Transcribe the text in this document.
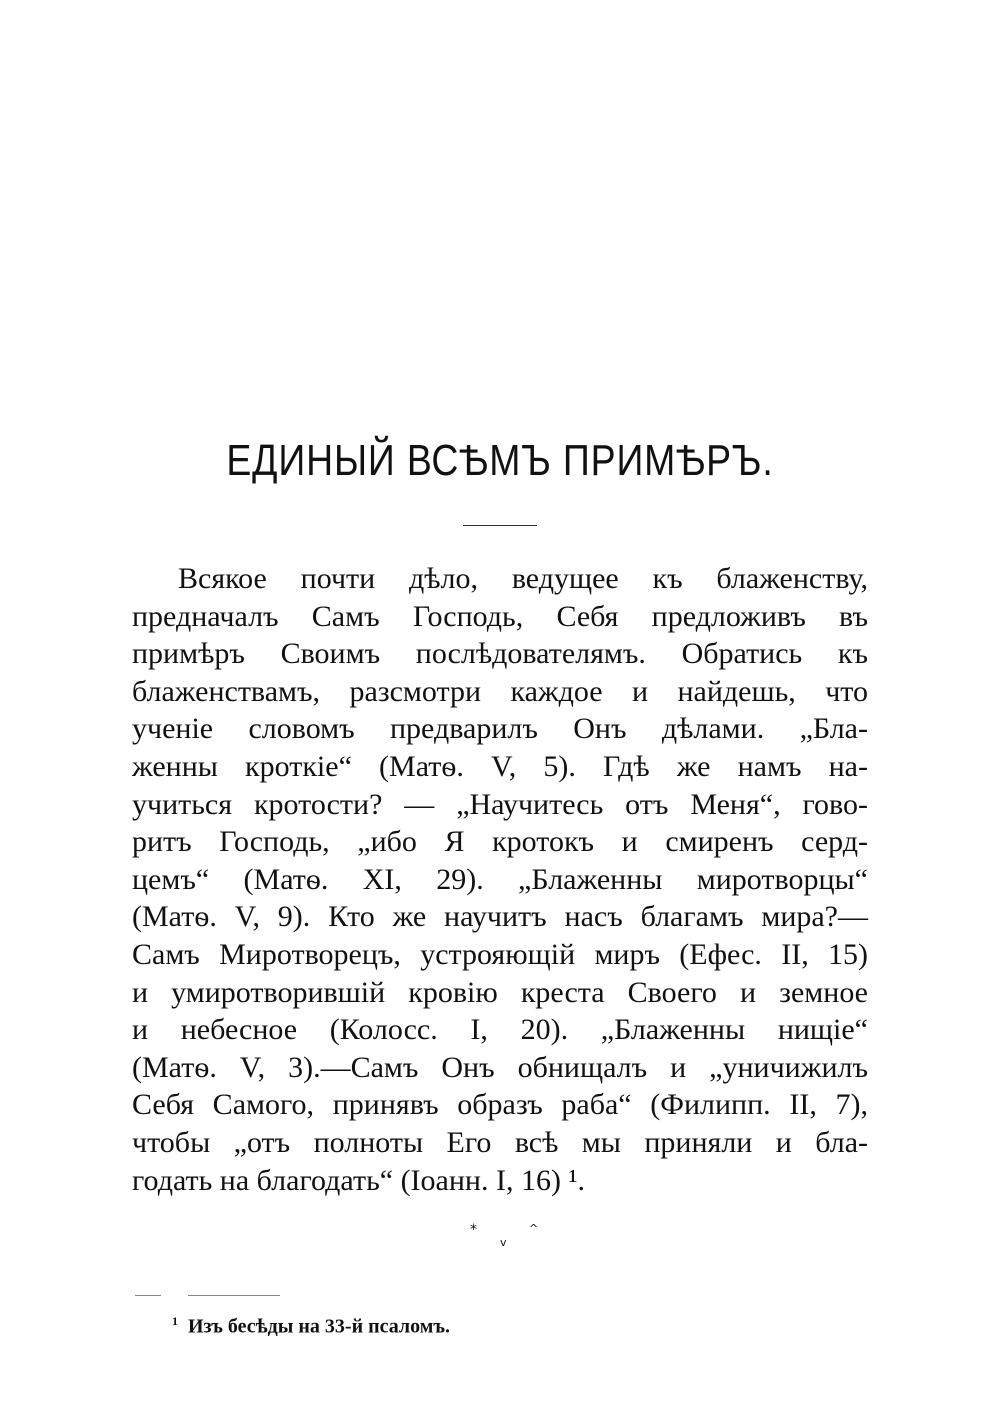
ЕДИНЫЙ ВСѢМЪ ПРИМѢРЪ.
Всякое почти дѣло, ведущее къ блаженству,
предначалъ Самъ Господь, Себя предложивъ въ
примѣръ Своимъ послѣдователямъ. Обратись къ
блаженствамъ, разсмотри каждое и найдешь, что
ученіе словомъ предварилъ Онъ дѣлами. „Бла-
женны кроткіе“ (Матѳ. V, 5). Гдѣ же намъ на-
учиться кротости? — „Научитесь отъ Меня“, гово-
ритъ Господь, „ибо Я кротокъ и смиренъ серд-
цемъ“ (Матѳ. XI, 29). „Блаженны миротворцы“
(Матѳ. V, 9). Кто же научитъ насъ благамъ мира?—
Самъ Миротворецъ, устрояющій миръ (Ефес. II, 15)
и умиротворившій кровію креста Своего и земное
и небесное (Колосс. I, 20). „Блаженны нищіе“
(Матѳ. V, 3).—Самъ Онъ обнищалъ и „уничижилъ
Себя Самого, принявъ образъ раба“ (Филипп. II, 7),
чтобы „отъ полноты Его всѣ мы приняли и бла-
годать на благодать“ (Іоанн. I, 16) ¹.
*
v
^
$^1$ Изъ бесѣды на 33-й псаломъ.
